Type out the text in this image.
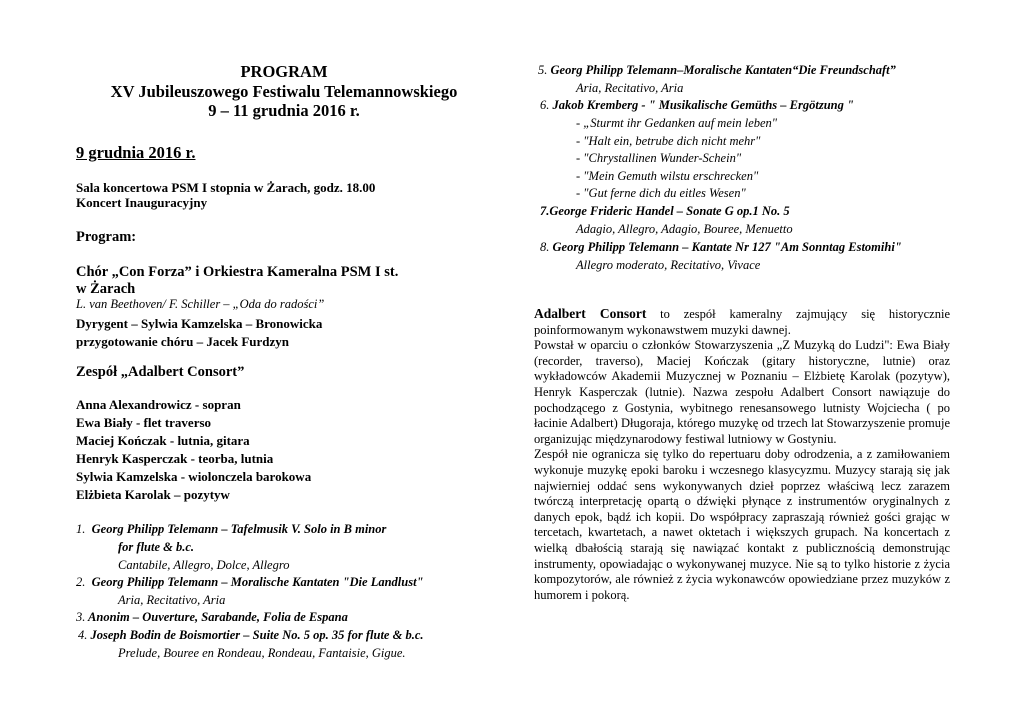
PROGRAM
XV Jubileuszowego Festiwalu Telemannowskiego
9 – 11 grudnia 2016 r.
9 grudnia 2016 r.
Sala koncertowa PSM I stopnia w Żarach, godz. 18.00
Koncert Inauguracyjny
Program:
Chór „Con Forza” i Orkiestra Kameralna PSM I st.
w Żarach
L. van Beethoven/ F. Schiller – „Oda do radości”
Dyrygent – Sylwia Kamzelska – Bronowicka
przygotowanie chóru – Jacek Furdzyn
Zespół „Adalbert Consort”
Anna Alexandrowicz - sopran
Ewa Biały - flet traverso
Maciej Kończak - lutnia, gitara
Henryk Kasperczak - teorba, lutnia
Sylwia Kamzelska - wiolonczela barokowa
Elżbieta Karolak – pozytyw
1. Georg Philipp Telemann – Tafelmusik V. Solo in B minor
for flute & b.c.
Cantabile, Allegro, Dolce, Allegro
2. Georg Philipp Telemann – Moralische Kantaten "Die Landlust"
Aria, Recitativo, Aria
3. Anonim – Ouverture, Sarabande, Folia de Espana
4. Joseph Bodin de Boismortier – Suite No. 5 op. 35 for flute & b.c.
Prelude, Bouree en Rondeau, Rondeau, Fantaisie, Gigue.
5. Georg Philipp Telemann–Moralische Kantaten“Die Freundschaft”
Aria, Recitativo, Aria
6. Jakob Kremberg - " Musikalische Gemüths – Ergötzung "
- „Sturmt ihr Gedanken auf mein leben"
- "Halt ein, betrube dich nicht mehr"
- "Chrystallinen Wunder-Schein"
- "Mein Gemuth wilstu erschrecken"
- "Gut ferne dich du eitles Wesen"
7.George Frideric Handel – Sonate G op.1 No. 5
Adagio, Allegro, Adagio, Bouree, Menuetto
8. Georg Philipp Telemann – Kantate Nr 127 "Am Sonntag Estomihi"
Allegro moderato, Recitativo, Vivace

Adalbert Consort to zespół kameralny zajmujący się historycznie poinformowanym wykonawstwem muzyki dawnej.

Powstał w oparciu o członków Stowarzyszenia „Z Muzyką do Ludzi": Ewa Biały (recorder, traverso), Maciej Kończak (gitary historyczne, lutnie) oraz wykładowców Akademii Muzycznej w Poznaniu – Elżbietę Karolak (pozytyw), Henryk Kasperczak (lutnie). Nazwa zespołu Adalbert Consort nawiązuje do pochodzącego z Gostynia, wybitnego renesansowego lutnisty Wojciecha ( po łacinie Adalbert) Długoraja, którego muzykę od trzech lat Stowarzyszenie promuje organizując międzynarodowy festiwal lutniowy w Gostyniu.

Zespół nie ogranicza się tylko do repertuaru doby odrodzenia, a z zamiłowaniem wykonuje muzykę epoki baroku i wczesnego klasycyzmu. Muzycy starają się jak najwierniej oddać sens wykonywanych dzieł poprzez właściwą lecz zarazem twórczą interpretację opartą o dźwięki płynące z instrumentów oryginalnych z danych epok, bądź ich kopii. Do współpracy zapraszają również gości grając w tercetach, kwartetach, a nawet oktetach i większych grupach. Na koncertach z wielką dbałością starają się nawiązać kontakt z publicznością demonstrując instrumenty, opowiadając o wykonywanej muzyce. Nie są to tylko historie z życia kompozytorów, ale również z życia wykonawców opowiedziane przez muzyków z humorem i pokorą.
